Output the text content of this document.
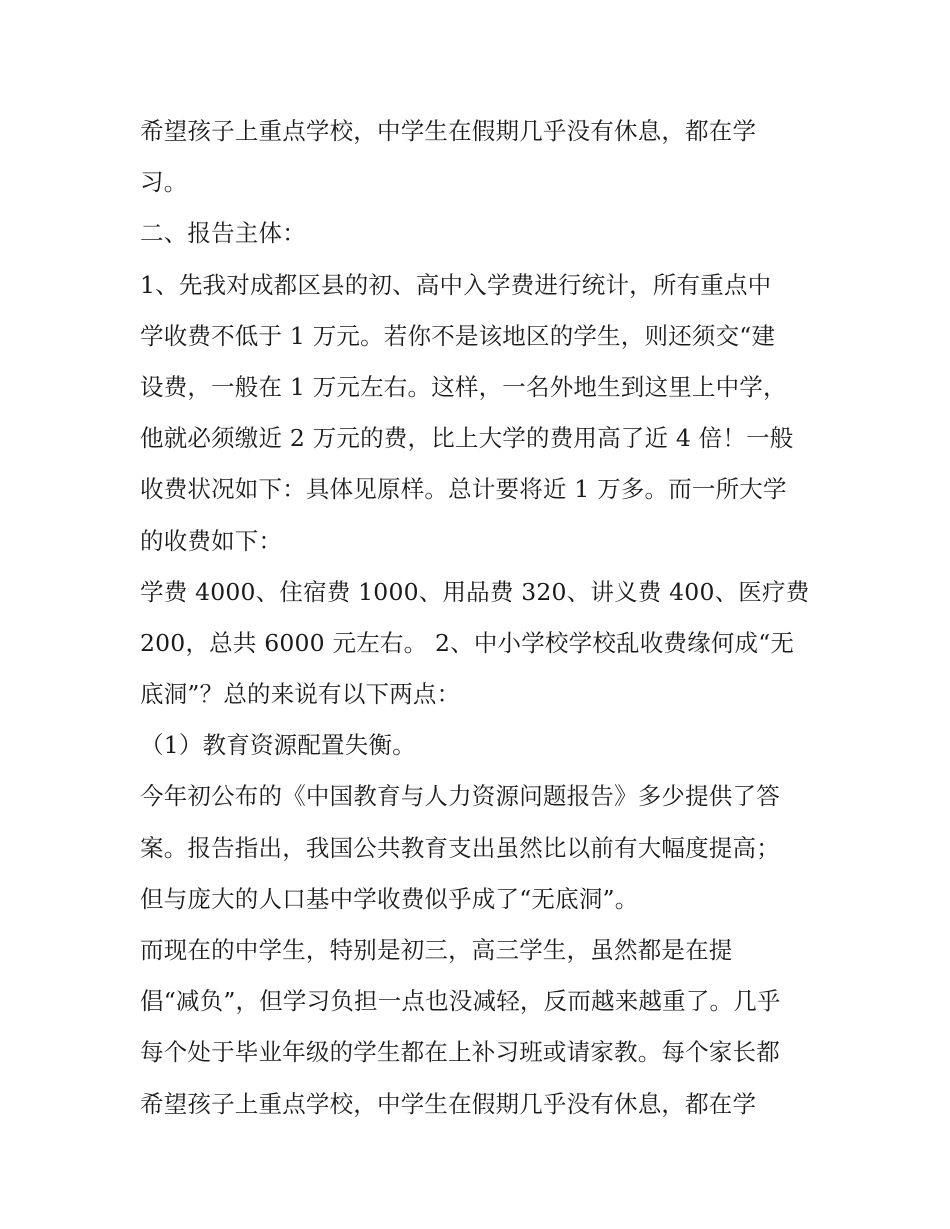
希望孩子上重点学校，中学生在假期几乎没有休息，都在学
习。
二、报告主体：
1、先我对成都区县的初、高中入学费进行统计，所有重点中
学收费不低于 1 万元。若你不是该地区的学生，则还须交“建
设费，一般在 1 万元左右。这样，一名外地生到这里上中学，
他就必须缴近 2 万元的费，比上大学的费用高了近 4 倍！一般
收费状况如下：具体见原样。总计要将近 1 万多。而一所大学
的收费如下：
学费 4000、住宿费 1000、用品费 320、讲义费 400、医疗费
200，总共 6000 元左右。 2、中小学校学校乱收费缘何成“无
底洞”？总的来说有以下两点：
（1）教育资源配置失衡。
今年初公布的《中国教育与人力资源问题报告》多少提供了答
案。报告指出，我国公共教育支出虽然比以前有大幅度提高；
但与庞大的人口基中学收费似乎成了“无底洞”。
而现在的中学生，特别是初三，高三学生，虽然都是在提
倡“减负”，但学习负担一点也没减轻，反而越来越重了。几乎
每个处于毕业年级的学生都在上补习班或请家教。每个家长都
希望孩子上重点学校，中学生在假期几乎没有休息，都在学
